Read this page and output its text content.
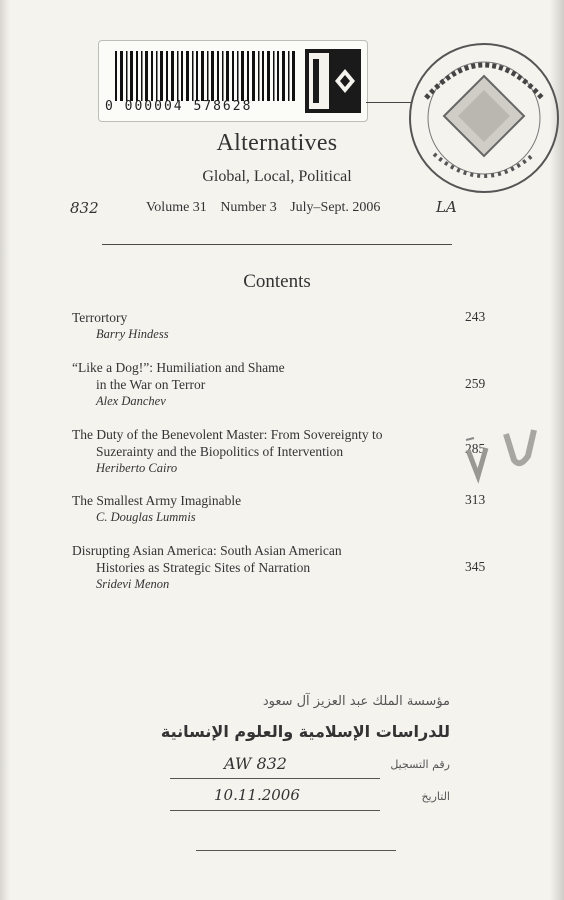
0 000004 578628
Alternatives
Global, Local, Political
832	Volume 31 Number 3 July–Sept. 2006	LA
Contents
Terrortory
Barry Hindess
243
“Like a Dog!”: Humiliation and Shame
in the War on Terror
Alex Danchev
259
The Duty of the Benevolent Master: From Sovereignty to
Suzerainty and the Biopolitics of Intervention
Heriberto Cairo
285
The Smallest Army Imaginable
C. Douglas Lummis
313
Disrupting Asian America: South Asian American
Histories as Strategic Sites of Narration
Sridevi Menon
345
مؤسسة الملك عبد العزيز آل سعود
للدراسات الإسلامية والعلوم الإنسانية
رقم التسجيل
AW 832
التاريخ
10.11.2006
